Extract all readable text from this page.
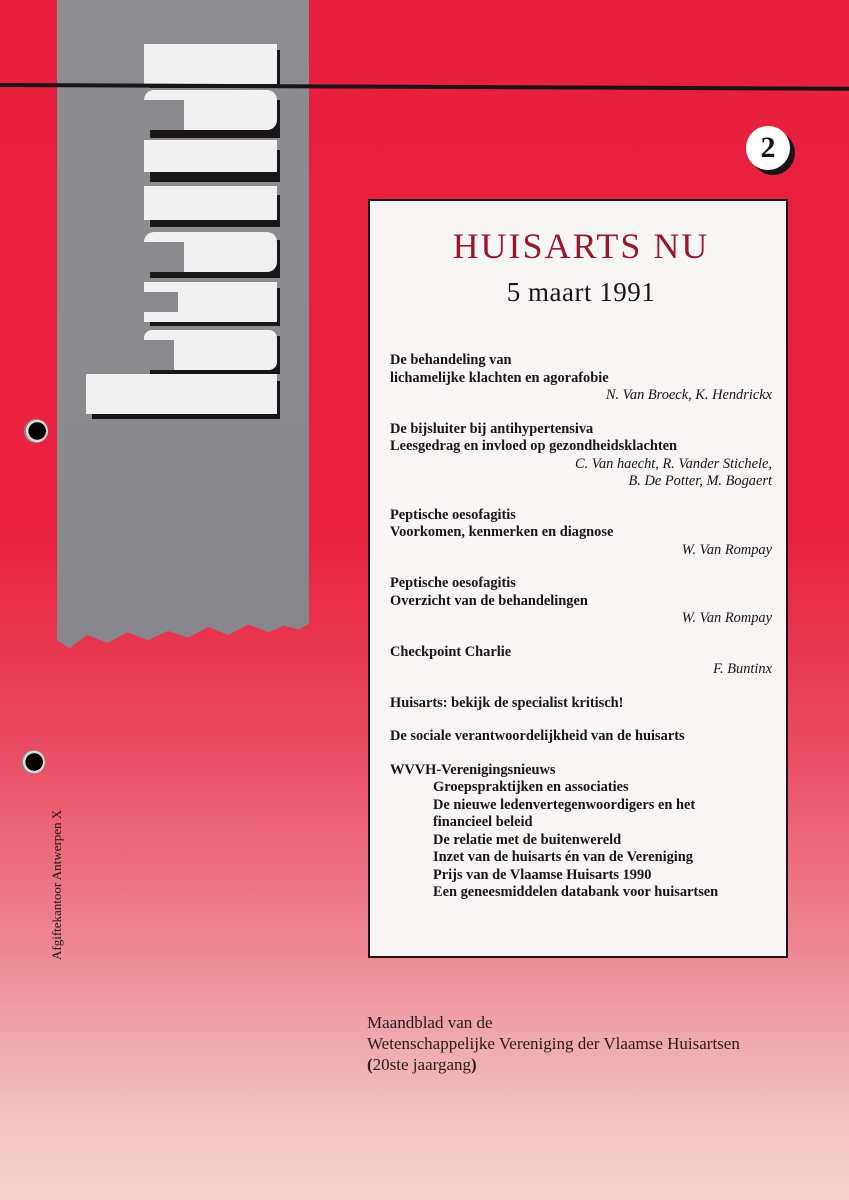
2
Afgiftekantoor Antwerpen X
HUISARTS NU
5 maart 1991
De behandeling van
lichamelijke klachten en agorafobie
N. Van Broeck, K. Hendrickx
De bijsluiter bij antihypertensiva
Leesgedrag en invloed op gezondheidsklachten
C. Van haecht, R. Vander Stichele,
B. De Potter, M. Bogaert
Peptische oesofagitis
Voorkomen, kenmerken en diagnose
W. Van Rompay
Peptische oesofagitis
Overzicht van de behandelingen
W. Van Rompay
Checkpoint Charlie
F. Buntinx
Huisarts: bekijk de specialist kritisch!
De sociale verantwoordelijkheid van de huisarts
WVVH-Verenigingsnieuws
Groepspraktijken en associaties
De nieuwe ledenvertegenwoordigers en het
financieel beleid
De relatie met de buitenwereld
Inzet van de huisarts én van de Vereniging
Prijs van de Vlaamse Huisarts 1990
Een geneesmiddelen databank voor huisartsen
Maandblad van de
Wetenschappelijke Vereniging der Vlaamse Huisartsen
(20ste jaargang)
